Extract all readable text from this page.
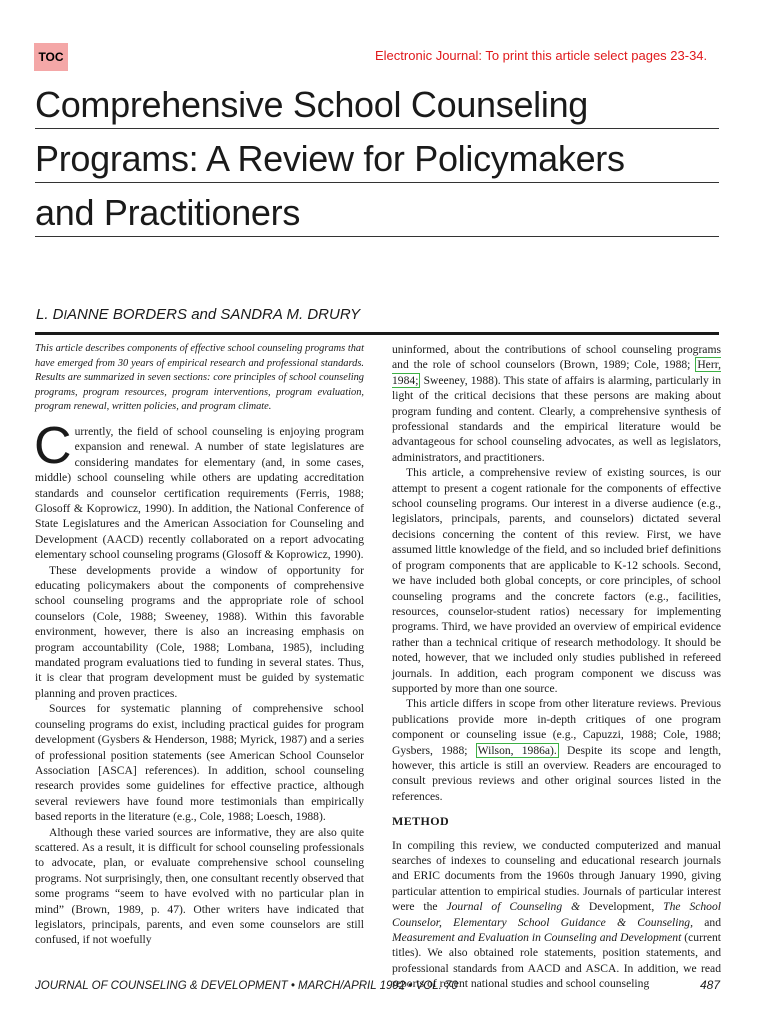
TOC	Electronic Journal: To print this article select pages 23-34.
Comprehensive School Counseling
Programs: A Review for Policymakers
and Practitioners
L. DIANNE BORDERS and SANDRA M. DRURY

This article describes components of effective school counseling programs that have emerged from 30 years of empirical research and professional standards. Results are summarized in seven sections: core principles of school counseling programs, program resources, program interventions, program evaluation, program renewal, written policies, and program climate.

Currently, the field of school counseling is enjoying program expansion and renewal. A number of state legislatures are considering mandates for elementary (and, in some cases, middle) school counseling while others are updating accreditation standards and counselor certification requirements (Ferris, 1988; Glosoff & Koprowicz, 1990). In addition, the National Conference of State Legislatures and the American Association for Counseling and Development (AACD) recently collaborated on a report advocating elementary school counseling programs (Glosoff & Koprowicz, 1990).

These developments provide a window of opportunity for educating policymakers about the components of comprehensive school counseling programs and the appropriate role of school counselors (Cole, 1988; Sweeney, 1988). Within this favorable environment, however, there is also an increasing emphasis on program accountability (Cole, 1988; Lombana, 1985), including mandated program evaluations tied to funding in several states. Thus, it is clear that program development must be guided by systematic planning and proven practices.

Sources for systematic planning of comprehensive school counseling programs do exist, including practical guides for program development (Gysbers & Henderson, 1988; Myrick, 1987) and a series of professional position statements (see American School Counselor Association [ASCA] references). In addition, school counseling research provides some guidelines for effective practice, although several reviewers have found more testimonials than empirically based reports in the literature (e.g., Cole, 1988; Loesch, 1988).

Although these varied sources are informative, they are also quite scattered. As a result, it is difficult for school counseling professionals to advocate, plan, or evaluate comprehensive school counseling programs. Not surprisingly, then, one consultant recently observed that some programs “seem to have evolved with no particular plan in mind” (Brown, 1989, p. 47). Other writers have indicated that legislators, principals, parents, and even some counselors are still confused, if not woefully

uninformed, about the contributions of school counseling programs and the role of school counselors (Brown, 1989; Cole, 1988; Herr, 1984; Sweeney, 1988). This state of affairs is alarming, particularly in light of the critical decisions that these persons are making about program funding and content. Clearly, a comprehensive synthesis of professional standards and the empirical literature would be advantageous for school counseling advocates, as well as legislators, administrators, and practitioners.

This article, a comprehensive review of existing sources, is our attempt to present a cogent rationale for the components of effective school counseling programs. Our interest in a diverse audience (e.g., legislators, principals, parents, and counselors) dictated several decisions concerning the content of this review. First, we have assumed little knowledge of the field, and so included brief definitions of program components that are applicable to K-12 schools. Second, we have included both global concepts, or core principles, of school counseling programs and the concrete factors (e.g., facilities, resources, counselor-student ratios) necessary for implementing programs. Third, we have provided an overview of empirical evidence rather than a technical critique of research methodology. It should be noted, however, that we included only studies published in refereed journals. In addition, each program component we discuss was supported by more than one source.

This article differs in scope from other literature reviews. Previous publications provide more in-depth critiques of one program component or counseling issue (e.g., Capuzzi, 1988; Cole, 1988; Gysbers, 1988; Wilson, 1986a). Despite its scope and length, however, this article is still an overview. Readers are encouraged to consult previous reviews and other original sources listed in the references.

METHOD

In compiling this review, we conducted computerized and manual searches of indexes to counseling and educational research journals and ERIC documents from the 1960s through January 1990, giving particular attention to empirical studies. Journals of particular interest were the Journal of Counseling & Development, The School Counselor, Elementary School Guidance & Counseling, and Measurement and Evaluation in Counseling and Development (current titles). We also obtained role statements, position statements, and professional standards from AACD and ASCA. In addition, we read reports of recent national studies and school counseling

JOURNAL OF COUNSELING & DEVELOPMENT • MARCH/APRIL 1992 • VOL. 70	487
